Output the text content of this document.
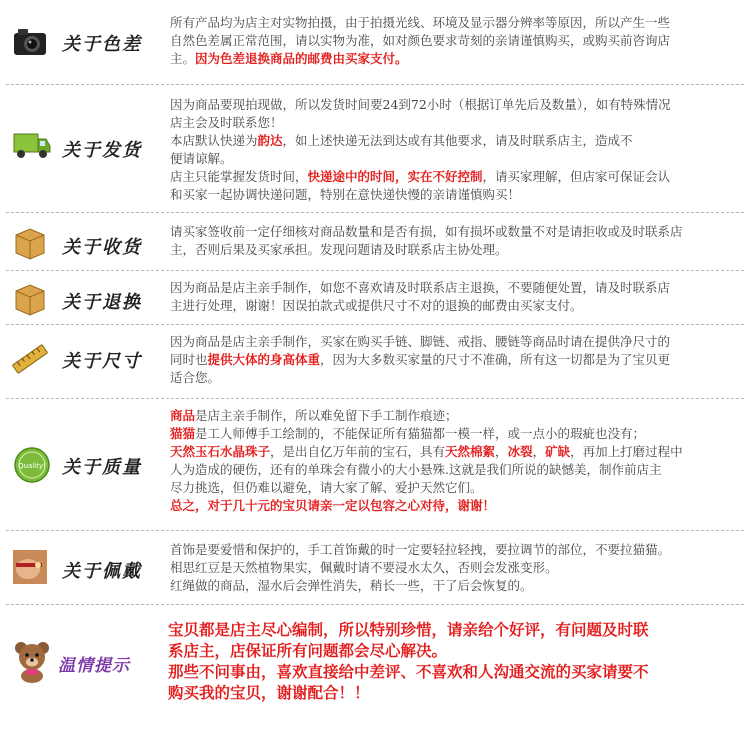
关于色差

所有产品均为店主对实物拍摄，由于拍摄光线、环境及显示器分辨率等原因，所以产生一些

自然色差属正常范围，请以实物为准，如对颜色要求苛刻的亲请谨慎购买，或购买前咨询店

主。因为色差退换商品的邮费由买家支付。

关于发货

因为商品要现拍现做，所以发货时间要24到72小时（根据订单先后及数量），如有特殊情况

店主会及时联系您！

本店默认快递为韵达，如上述快递无法到达或有其他要求，请及时联系店主，造成不

便请谅解。

店主只能掌握发货时间，快递途中的时间，实在不好控制，请买家理解，但店家可保证会认

和买家一起协调快递问题，特别在意快递快慢的亲请谨慎购买！

关于收货

请买家签收前一定仔细核对商品数量和是否有损，如有损坏或数量不对是请拒收或及时联系店

主，否则后果及买家承担。发现问题请及时联系店主协处理。

关于退换

因为商品是店主亲手制作，如您不喜欢请及时联系店主退换，不要随便处置，请及时联系店

主进行处理，谢谢！因误拍款式或提供尺寸不对的退换的邮费由买家支付。

关于尺寸

因为商品是店主亲手制作，买家在购买手链、脚链、戒指、腰链等商品时请在提供净尺寸的

同时也提供大体的身高体重，因为大多数买家量的尺寸不准确，所有这一切都是为了宝贝更

适合您。

Quality! 关于质量

商品是店主亲手制作，所以难免留下手工制作痕迹；

猫猫是工人师傅手工绘制的，不能保证所有猫猫都一模一样，或一点小的瑕疵也没有；

天然玉石水晶珠子，是出自亿万年前的宝石，具有天然棉絮，冰裂，矿缺，再加上打磨过程中

人为造成的硬伤，还有的单珠会有微小的大小悬殊.这就是我们所说的缺憾美，制作前店主

尽力挑选，但仍难以避免，请大家了解、爱护天然它们。

总之，对于几十元的宝贝请亲一定以包容之心对待，谢谢！

关于佩戴

首饰是要爱惜和保护的，手工首饰戴的时一定要轻拉轻拽，要拉调节的部位，不要拉猫猫。

相思红豆是天然植物果实，佩戴时请不要浸水太久，否则会发涨变形。

红绳做的商品，湿水后会弹性消失，稍长一些，干了后会恢复的。

温情提示

宝贝都是店主尽心编制，所以特别珍惜，请亲给个好评，有问题及时联

系店主，店保证所有问题都会尽心解决。

那些不问事由，喜欢直接给中差评、不喜欢和人沟通交流的买家请要不

购买我的宝贝，谢谢配合！！
